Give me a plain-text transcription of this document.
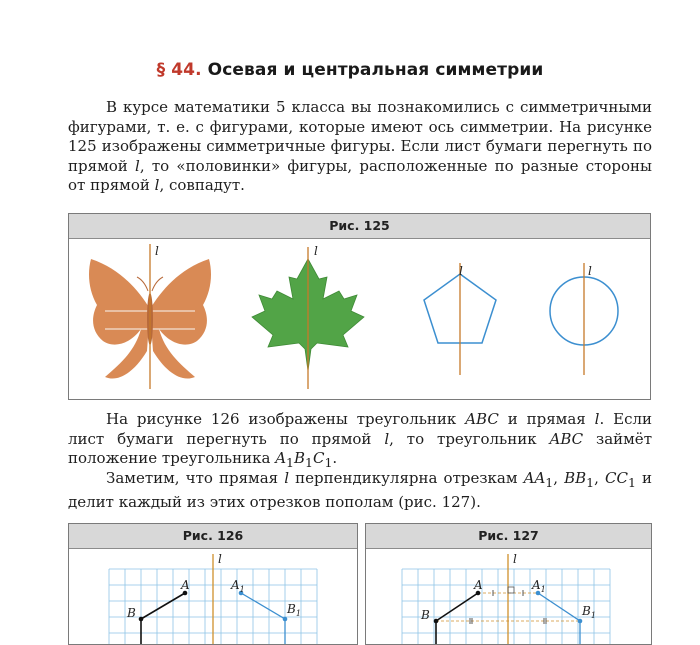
§ 44. Осевая и центральная симметрии
В курсе математики 5 класса вы познакомились с симметричными фигурами, т. е. с фигурами, которые имеют ось симметрии. На рисунке 125 изображены симметричные фигуры. Если лист бумаги перегнуть по прямой l, то «половинки» фигуры, расположенные по разные стороны от прямой l, совпадут.
Рис. 125
l	l
l	l
На рисунке 126 изображены треугольник ABC и прямая l. Если лист бумаги перегнуть по прямой l, то треугольник ABC займёт положение треугольника $A_1B_1C_1$.
Заметим, что прямая l перпендикулярна отрезкам $AA_1$, $BB_1$, $CC_1$ и делит каждый из этих отрезков пополам (рис. 127).
Рис. 126
l
B
A	$A_1$
$B_1$
Рис. 127
l
B
A	$A_1$
$B_1$
